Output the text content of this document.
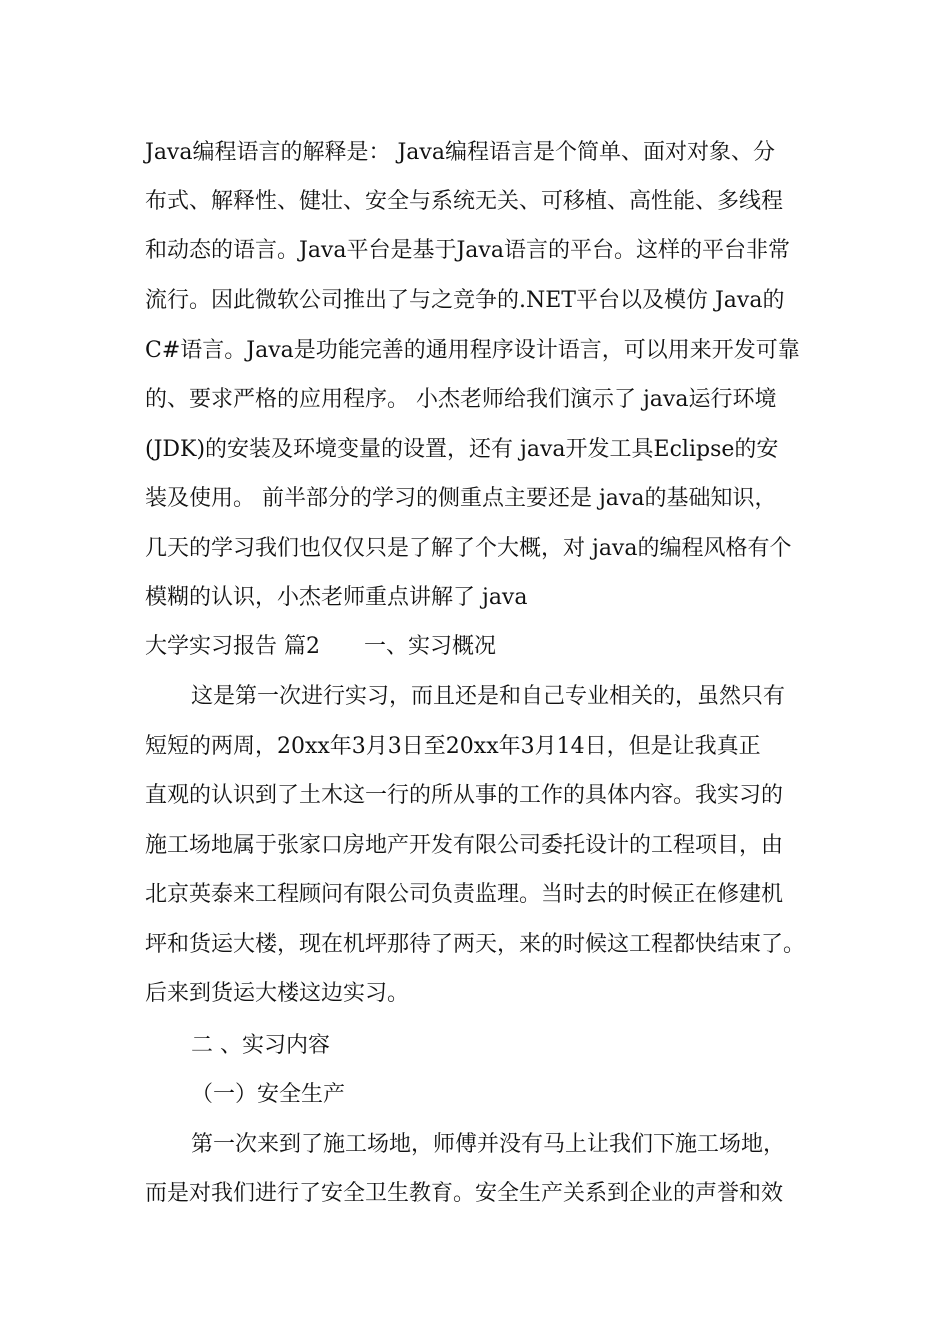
Java编程语言的解释是： Java编程语言是个简单、面对对象、分
布式、解释性、健壮、安全与系统无关、可移植、高性能、多线程
和动态的语言。Java平台是基于Java语言的平台。这样的平台非常
流行。因此微软公司推出了与之竞争的.NET平台以及模仿 Java的
C#语言。Java是功能完善的通用程序设计语言，可以用来开发可靠
的、要求严格的应用程序。 小杰老师给我们演示了 java运行环境
(JDK)的安装及环境变量的设置，还有 java开发工具Eclipse的安
装及使用。 前半部分的学习的侧重点主要还是 java的基础知识，
几天的学习我们也仅仅只是了解了个大概，对 java的编程风格有个
模糊的认识，小杰老师重点讲解了 java
大学实习报告 篇2　　一、实习概况
这是第一次进行实习，而且还是和自己专业相关的，虽然只有
短短的两周，20xx年3月3日至20xx年3月14日，但是让我真正
直观的认识到了土木这一行的所从事的工作的具体内容。我实习的
施工场地属于张家口房地产开发有限公司委托设计的工程项目，由
北京英泰来工程顾问有限公司负责监理。当时去的时候正在修建机
坪和货运大楼，现在机坪那待了两天，来的时候这工程都快结束了。
后来到货运大楼这边实习。
二 、实习内容
（一）安全生产
第一次来到了施工场地，师傅并没有马上让我们下施工场地，
而是对我们进行了安全卫生教育。安全生产关系到企业的声誉和效
